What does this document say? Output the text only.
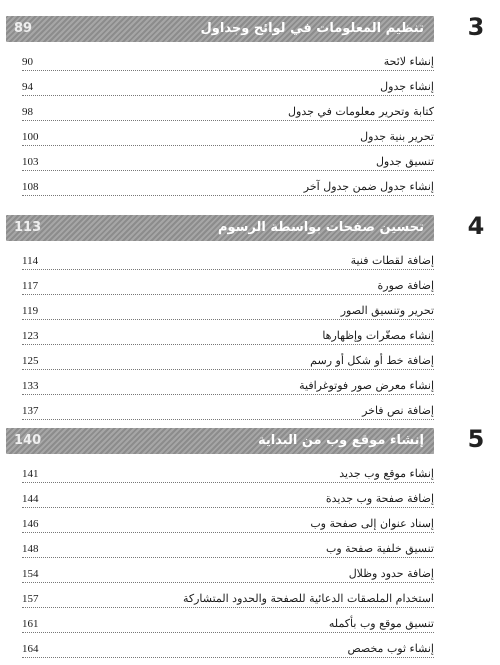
89	تنظيم المعلومات في لوائح وجداول	3
90	إنشاء لائحة
94	إنشاء جدول
98	كتابة وتحرير معلومات في جدول
100	تحرير بنية جدول
103	تنسيق جدول
108	إنشاء جدول ضمن جدول آخر
113	تحسين صفحات بواسطة الرسوم	4
114	إضافة لقطات فنية
117	إضافة صورة
119	تحرير وتنسيق الصور
123	إنشاء مصغّرات وإظهارها
125	إضافة خط أو شكل أو رسم
133	إنشاء معرض صور فوتوغرافية
137	إضافة نص فاخر
140	إنشاء موقع وب من البداية	5
141	إنشاء موقع وب جديد
144	إضافة صفحة وب جديدة
146	إسناد عنوان إلى صفحة وب
148	تنسيق خلفية صفحة وب
154	إضافة حدود وظلال
157	استخدام الملصقات الدعائية للصفحة والحدود المتشاركة
161	تنسيق موقع وب بأكمله
164	إنشاء ثوب مخصص
